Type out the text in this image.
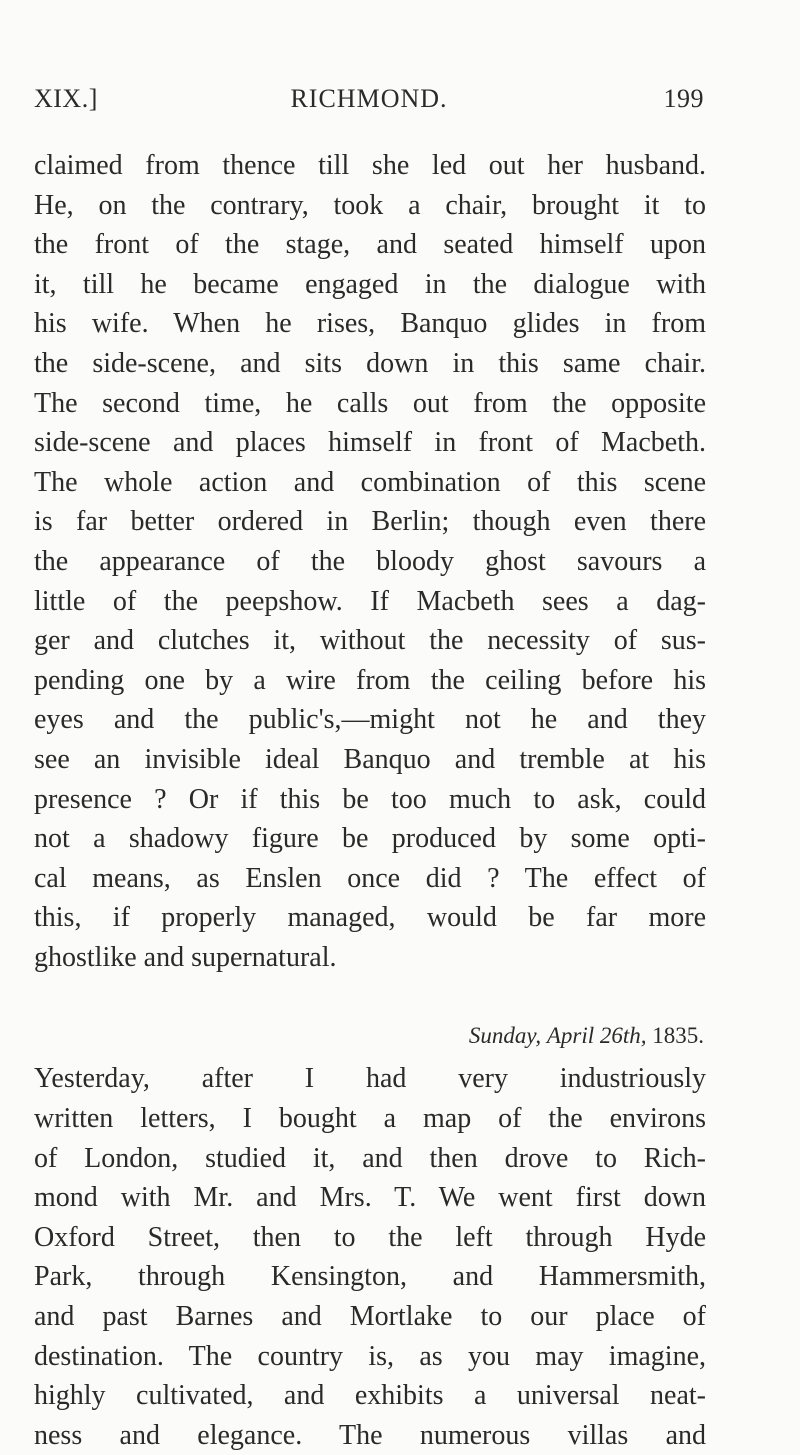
XIX.]	RICHMOND.	199
claimed from thence till she led out her husband.
He, on the contrary, took a chair, brought it to
the front of the stage, and seated himself upon
it, till he became engaged in the dialogue with
his wife. When he rises, Banquo glides in from
the side-scene, and sits down in this same chair.
The second time, he calls out from the opposite
side-scene and places himself in front of Macbeth.
The whole action and combination of this scene
is far better ordered in Berlin; though even there
the appearance of the bloody ghost savours a
little of the peepshow. If Macbeth sees a dag-
ger and clutches it, without the necessity of sus-
pending one by a wire from the ceiling before his
eyes and the public's,—might not he and they
see an invisible ideal Banquo and tremble at his
presence ? Or if this be too much to ask, could
not a shadowy figure be produced by some opti-
cal means, as Enslen once did ? The effect of
this, if properly managed, would be far more
ghostlike and supernatural.
Sunday, April 26th, 1835.
Yesterday, after I had very industriously
written letters, I bought a map of the environs
of London, studied it, and then drove to Rich-
mond with Mr. and Mrs. T. We went first down
Oxford Street, then to the left through Hyde
Park, through Kensington, and Hammersmith,
and past Barnes and Mortlake to our place of
destination. The country is, as you may imagine,
highly cultivated, and exhibits a universal neat-
ness and elegance. The numerous villas and
